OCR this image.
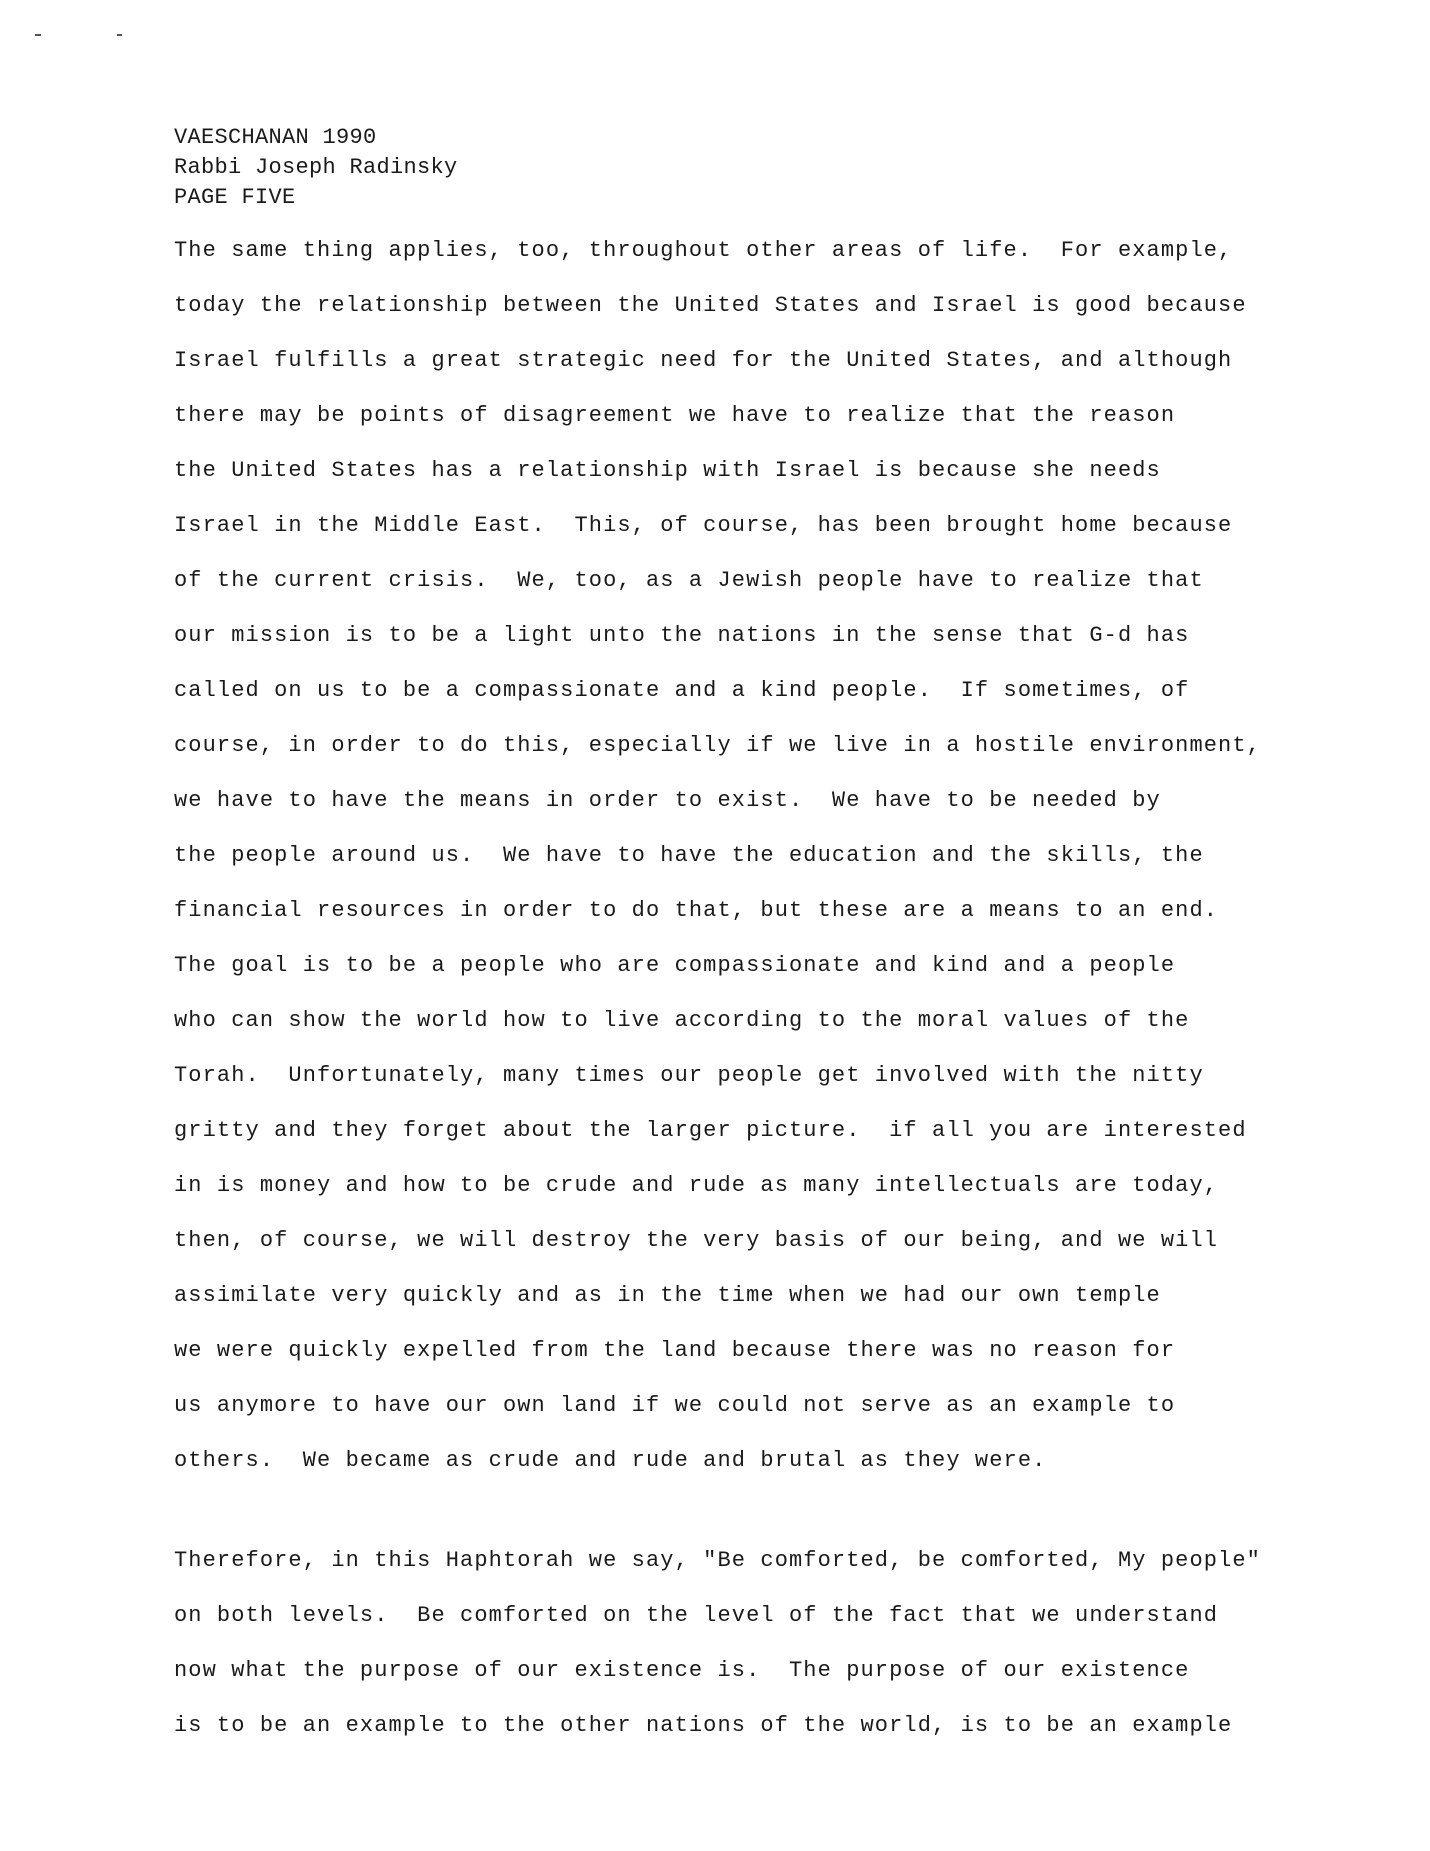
VAESCHANAN 1990
Rabbi Joseph Radinsky
PAGE FIVE
The same thing applies, too, throughout other areas of life.  For example,
today the relationship between the United States and Israel is good because
Israel fulfills a great strategic need for the United States, and although
there may be points of disagreement we have to realize that the reason
the United States has a relationship with Israel is because she needs
Israel in the Middle East.  This, of course, has been brought home because
of the current crisis.  We, too, as a Jewish people have to realize that
our mission is to be a light unto the nations in the sense that G-d has
called on us to be a compassionate and a kind people.  If sometimes, of
course, in order to do this, especially if we live in a hostile environment,
we have to have the means in order to exist.  We have to be needed by
the people around us.  We have to have the education and the skills, the
financial resources in order to do that, but these are a means to an end.
The goal is to be a people who are compassionate and kind and a people
who can show the world how to live according to the moral values of the
Torah.  Unfortunately, many times our people get involved with the nitty
gritty and they forget about the larger picture.  if all you are interested
in is money and how to be crude and rude as many intellectuals are today,
then, of course, we will destroy the very basis of our being, and we will
assimilate very quickly and as in the time when we had our own temple
we were quickly expelled from the land because there was no reason for
us anymore to have our own land if we could not serve as an example to
others.  We became as crude and rude and brutal as they were.
Therefore, in this Haphtorah we say, "Be comforted, be comforted, My people"
on both levels.  Be comforted on the level of the fact that we understand
now what the purpose of our existence is.  The purpose of our existence
is to be an example to the other nations of the world, is to be an example
